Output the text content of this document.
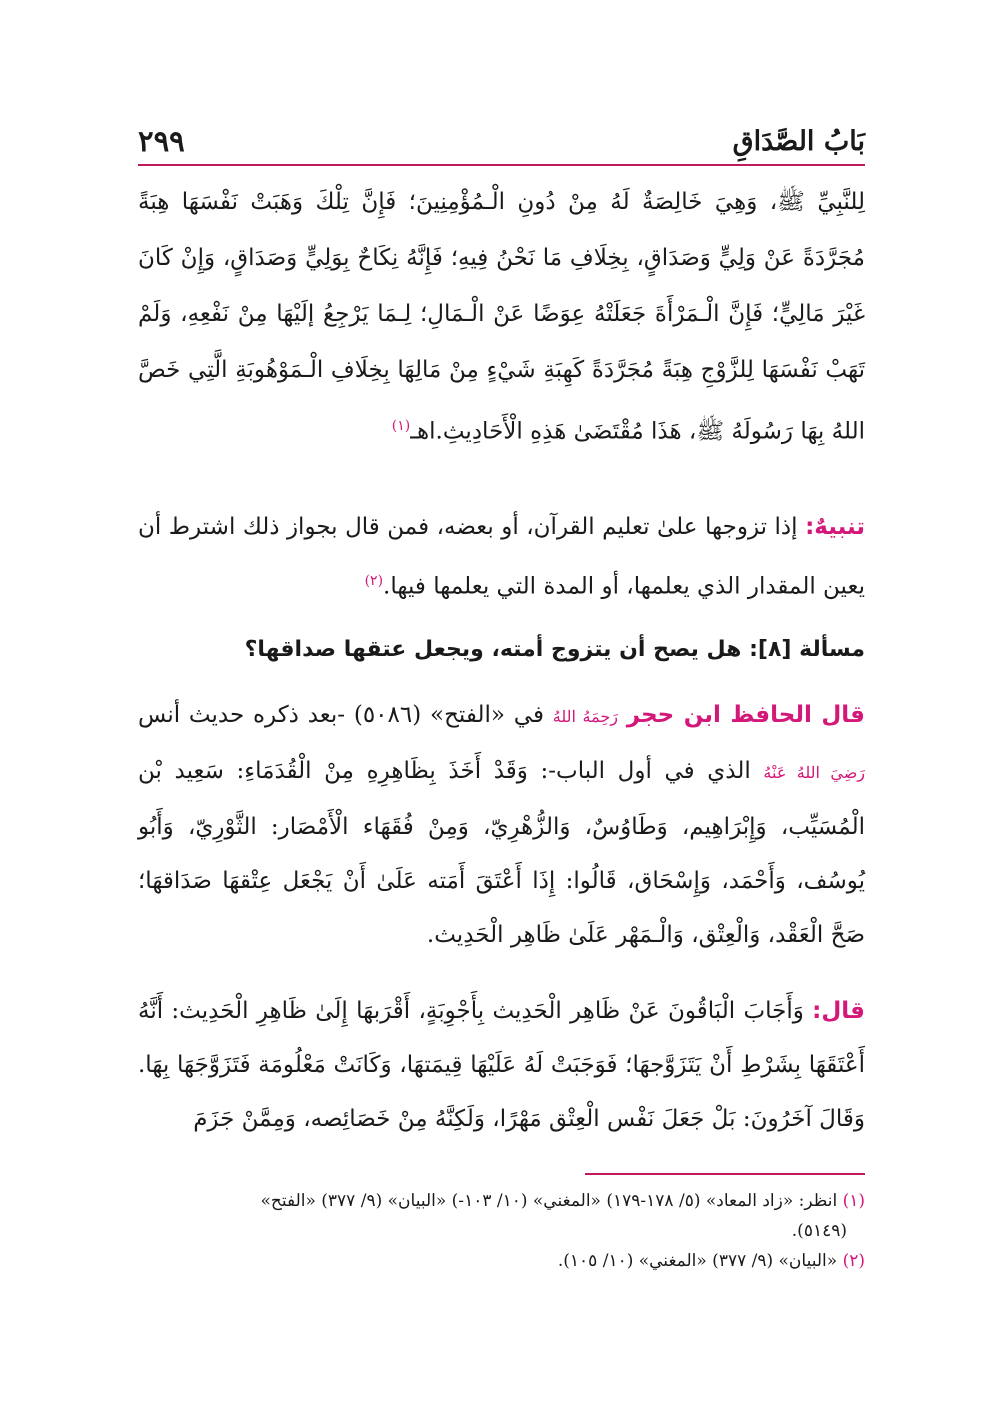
بَابُ الصَّدَاقِ
٢٩٩
لِلنَّبِيِّ ﷺ، وَهِيَ خَالِصَةٌ لَهُ مِنْ دُونِ الْـمُؤْمِنِينَ؛ فَإِنَّ تِلْكَ وَهَبَتْ نَفْسَهَا هِبَةً مُجَرَّدَةً عَنْ وَلِيٍّ وَصَدَاقٍ، بِخِلَافِ مَا نَحْنُ فِيهِ؛ فَإِنَّهُ نِكَاحٌ بِوَلِيٍّ وَصَدَاقٍ، وَإِنْ كَانَ غَيْرَ مَالِيٍّ؛ فَإِنَّ الْـمَرْأَةَ جَعَلَتْهُ عِوَضًا عَنْ الْـمَالِ؛ لِـمَا يَرْجِعُ إلَيْهَا مِنْ نَفْعِهِ، وَلَمْ تَهَبْ نَفْسَهَا لِلزَّوْجِ هِبَةً مُجَرَّدَةً كَهِبَةِ شَيْءٍ مِنْ مَالِهَا بِخِلَافِ الْـمَوْهُوبَةِ الَّتِي خَصَّ اللهُ بِهَا رَسُولَهُ ﷺ، هَذَا مُقْتَضَىٰ هَذِهِ الْأَحَادِيثِ.اهـ$^{(١)}$
تنبيهٌ: إذا تزوجها علىٰ تعليم القرآن، أو بعضه، فمن قال بجواز ذلك اشترط أن يعين المقدار الذي يعلمها، أو المدة التي يعلمها فيها.$^{(٢)}$
مسألة [٨]: هل يصح أن يتزوج أمته، ويجعل عتقها صداقها؟
قال الحافظ ابن حجر رَحِمَهُ اللهُ في «الفتح» (٥٠٨٦) -بعد ذكره حديث أنس رَضِيَ اللهُ عَنْهُ الذي في أول الباب-: وَقَدْ أَخَذَ بِظَاهِرِهِ مِنْ الْقُدَمَاءِ: سَعِيد بْن الْمُسَيِّب، وَإِبْرَاهِيم، وَطَاوُسٌ، وَالزُّهْرِيّ، وَمِنْ فُقَهَاء الْأَمْصَار: الثَّوْرِيّ، وَأَبُو يُوسُف، وَأَحْمَد، وَإِسْحَاق، قَالُوا: إِذَا أَعْتَقَ أَمَته عَلَىٰ أَنْ يَجْعَل عِتْقهَا صَدَاقهَا؛ صَحَّ الْعَقْد، وَالْعِتْق، وَالْـمَهْر عَلَىٰ ظَاهِر الْحَدِيث.
قال: وَأَجَابَ الْبَاقُونَ عَنْ ظَاهِر الْحَدِيث بِأَجْوِبَةٍ، أَقْرَبهَا إِلَىٰ ظَاهِرِ الْحَدِيث: أَنَّهُ أَعْتَقَهَا بِشَرْطِ أَنْ يَتَزَوَّجهَا؛ فَوَجَبَتْ لَهُ عَلَيْهَا قِيمَتهَا، وَكَانَتْ مَعْلُومَة فَتَزَوَّجَهَا بِهَا. وَقَالَ آخَرُونَ: بَلْ جَعَلَ نَفْس الْعِتْق مَهْرًا، وَلَكِنَّهُ مِنْ خَصَائِصه، وَمِمَّنْ جَزَمَ
(١) انظر: «زاد المعاد» (٥/ ١٧٨-١٧٩) «المغني» (١٠/ ١٠٣-) «البيان» (٩/ ٣٧٧) «الفتح»
(٥١٤٩).
(٢) «البيان» (٩/ ٣٧٧) «المغني» (١٠/ ١٠٥).
